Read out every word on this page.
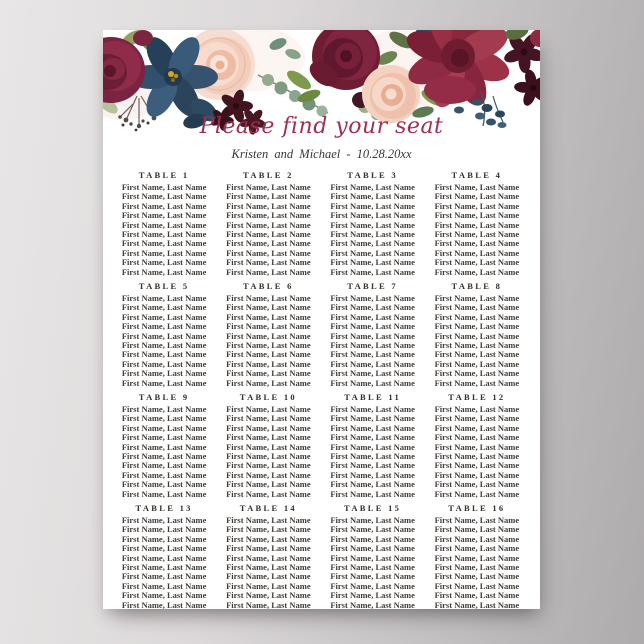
Please find your seat
Kristen and Michael - 10.28.20xx
TABLE 1
First Name, Last Name
First Name, Last Name
First Name, Last Name
First Name, Last Name
First Name, Last Name
First Name, Last Name
First Name, Last Name
First Name, Last Name
First Name, Last Name
First Name, Last Name
TABLE 2
First Name, Last Name
First Name, Last Name
First Name, Last Name
First Name, Last Name
First Name, Last Name
First Name, Last Name
First Name, Last Name
First Name, Last Name
First Name, Last Name
First Name, Last Name
TABLE 3
First Name, Last Name
First Name, Last Name
First Name, Last Name
First Name, Last Name
First Name, Last Name
First Name, Last Name
First Name, Last Name
First Name, Last Name
First Name, Last Name
First Name, Last Name
TABLE 4
First Name, Last Name
First Name, Last Name
First Name, Last Name
First Name, Last Name
First Name, Last Name
First Name, Last Name
First Name, Last Name
First Name, Last Name
First Name, Last Name
First Name, Last Name
TABLE 5
First Name, Last Name
First Name, Last Name
First Name, Last Name
First Name, Last Name
First Name, Last Name
First Name, Last Name
First Name, Last Name
First Name, Last Name
First Name, Last Name
First Name, Last Name
TABLE 6
First Name, Last Name
First Name, Last Name
First Name, Last Name
First Name, Last Name
First Name, Last Name
First Name, Last Name
First Name, Last Name
First Name, Last Name
First Name, Last Name
First Name, Last Name
TABLE 7
First Name, Last Name
First Name, Last Name
First Name, Last Name
First Name, Last Name
First Name, Last Name
First Name, Last Name
First Name, Last Name
First Name, Last Name
First Name, Last Name
First Name, Last Name
TABLE 8
First Name, Last Name
First Name, Last Name
First Name, Last Name
First Name, Last Name
First Name, Last Name
First Name, Last Name
First Name, Last Name
First Name, Last Name
First Name, Last Name
First Name, Last Name
TABLE 9
First Name, Last Name
First Name, Last Name
First Name, Last Name
First Name, Last Name
First Name, Last Name
First Name, Last Name
First Name, Last Name
First Name, Last Name
First Name, Last Name
First Name, Last Name
TABLE 10
First Name, Last Name
First Name, Last Name
First Name, Last Name
First Name, Last Name
First Name, Last Name
First Name, Last Name
First Name, Last Name
First Name, Last Name
First Name, Last Name
First Name, Last Name
TABLE 11
First Name, Last Name
First Name, Last Name
First Name, Last Name
First Name, Last Name
First Name, Last Name
First Name, Last Name
First Name, Last Name
First Name, Last Name
First Name, Last Name
First Name, Last Name
TABLE 12
First Name, Last Name
First Name, Last Name
First Name, Last Name
First Name, Last Name
First Name, Last Name
First Name, Last Name
First Name, Last Name
First Name, Last Name
First Name, Last Name
First Name, Last Name
TABLE 13
First Name, Last Name
First Name, Last Name
First Name, Last Name
First Name, Last Name
First Name, Last Name
First Name, Last Name
First Name, Last Name
First Name, Last Name
First Name, Last Name
First Name, Last Name
TABLE 14
First Name, Last Name
First Name, Last Name
First Name, Last Name
First Name, Last Name
First Name, Last Name
First Name, Last Name
First Name, Last Name
First Name, Last Name
First Name, Last Name
First Name, Last Name
TABLE 15
First Name, Last Name
First Name, Last Name
First Name, Last Name
First Name, Last Name
First Name, Last Name
First Name, Last Name
First Name, Last Name
First Name, Last Name
First Name, Last Name
First Name, Last Name
TABLE 16
First Name, Last Name
First Name, Last Name
First Name, Last Name
First Name, Last Name
First Name, Last Name
First Name, Last Name
First Name, Last Name
First Name, Last Name
First Name, Last Name
First Name, Last Name
